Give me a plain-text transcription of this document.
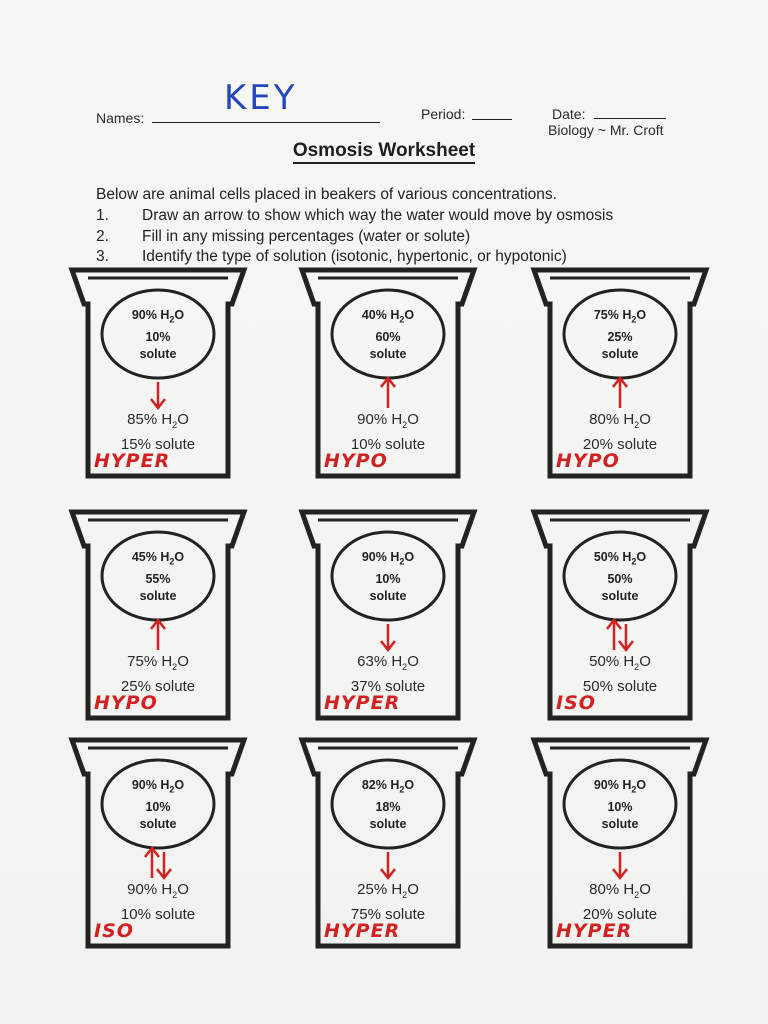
Names: KEY	Period:	Date:
Biology ~ Mr. Croft
Osmosis Worksheet
Below are animal cells placed in beakers of various concentrations.
1. Draw an arrow to show which way the water would move by osmosis
2. Fill in any missing percentages (water or solute)
3. Identify the type of solution (isotonic, hypertonic, or hypotonic)
90% $H_2O$
10%
solute
85% $H_2O$
15% solute
HYPER
40% $H_2O$
60%
solute
90% $H_2O$
10% solute
HYPO
75% $H_2O$
25%
solute
80% $H_2O$
20% solute
HYPO
45% $H_2O$
55%
solute
75% $H_2O$
25% solute
HYPO
90% $H_2O$
10%
solute
63% $H_2O$
37% solute
HYPER
50% $H_2O$
50%
solute
50% $H_2O$
50% solute
ISO
90% $H_2O$
10%
solute
90% $H_2O$
10% solute
ISO
82% $H_2O$
18%
solute
25% $H_2O$
75% solute
HYPER
90% $H_2O$
10%
solute
80% $H_2O$
20% solute
HYPER
